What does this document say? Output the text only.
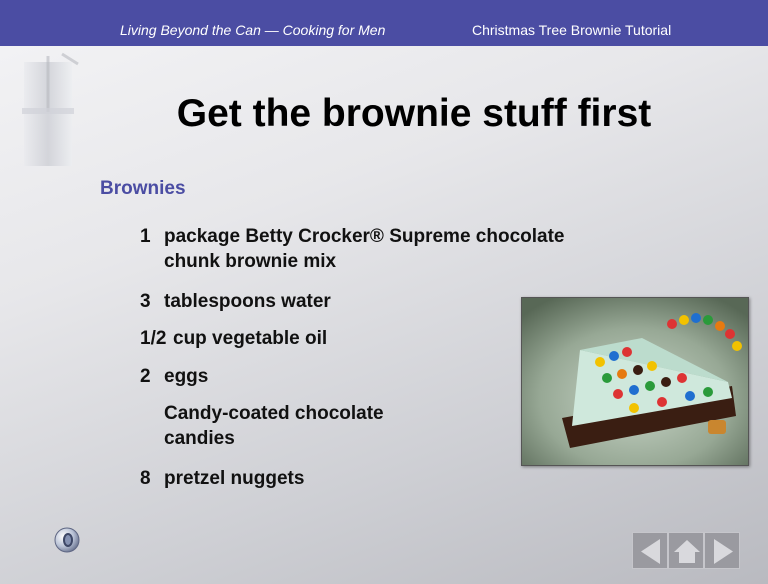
Living Beyond the Can — Cooking for Men	Christmas Tree Brownie Tutorial
Get the brownie stuff first
Brownies
1 package Betty Crocker® Supreme chocolate
chunk brownie mix
3 tablespoons water
1/2 cup vegetable oil
2 eggs
Candy-coated chocolate
candies
8 pretzel nuggets
